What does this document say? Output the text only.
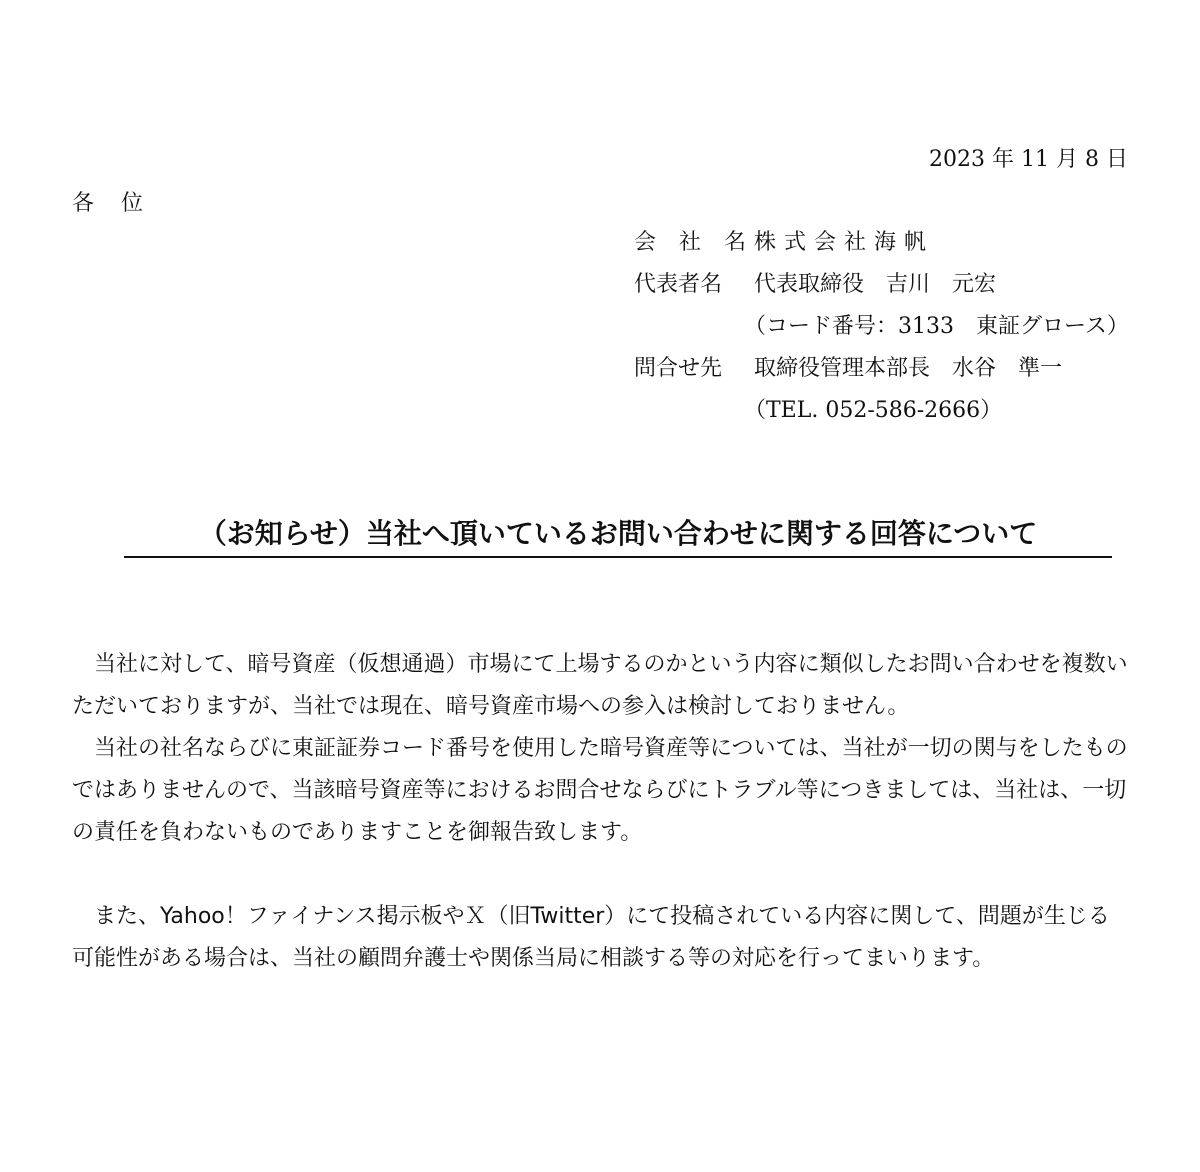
2023 年 11 月 8 日
各 位
会 社 名株式会社海帆
代表者名 代表取締役　吉川　元宏
（コード番号：3133　東証グロース）
問合せ先 取締役管理本部長　水谷　準一
（TEL. 052-586-2666）
（お知らせ）当社へ頂いているお問い合わせに関する回答について

当社に対して、暗号資産（仮想通過）市場にて上場するのかという内容に類似したお問い合わせを複数いただいておりますが、当社では現在、暗号資産市場への参入は検討しておりません。

当社の社名ならびに東証証券コード番号を使用した暗号資産等については、当社が一切の関与をしたものではありませんので、当該暗号資産等におけるお問合せならびにトラブル等につきましては、当社は、一切の責任を負わないものでありますことを御報告致します。

また、Yahoo！ファイナンス掲示板やＸ（旧Twitter）にて投稿されている内容に関して、問題が生じる可能性がある場合は、当社の顧問弁護士や関係当局に相談する等の対応を行ってまいります。
